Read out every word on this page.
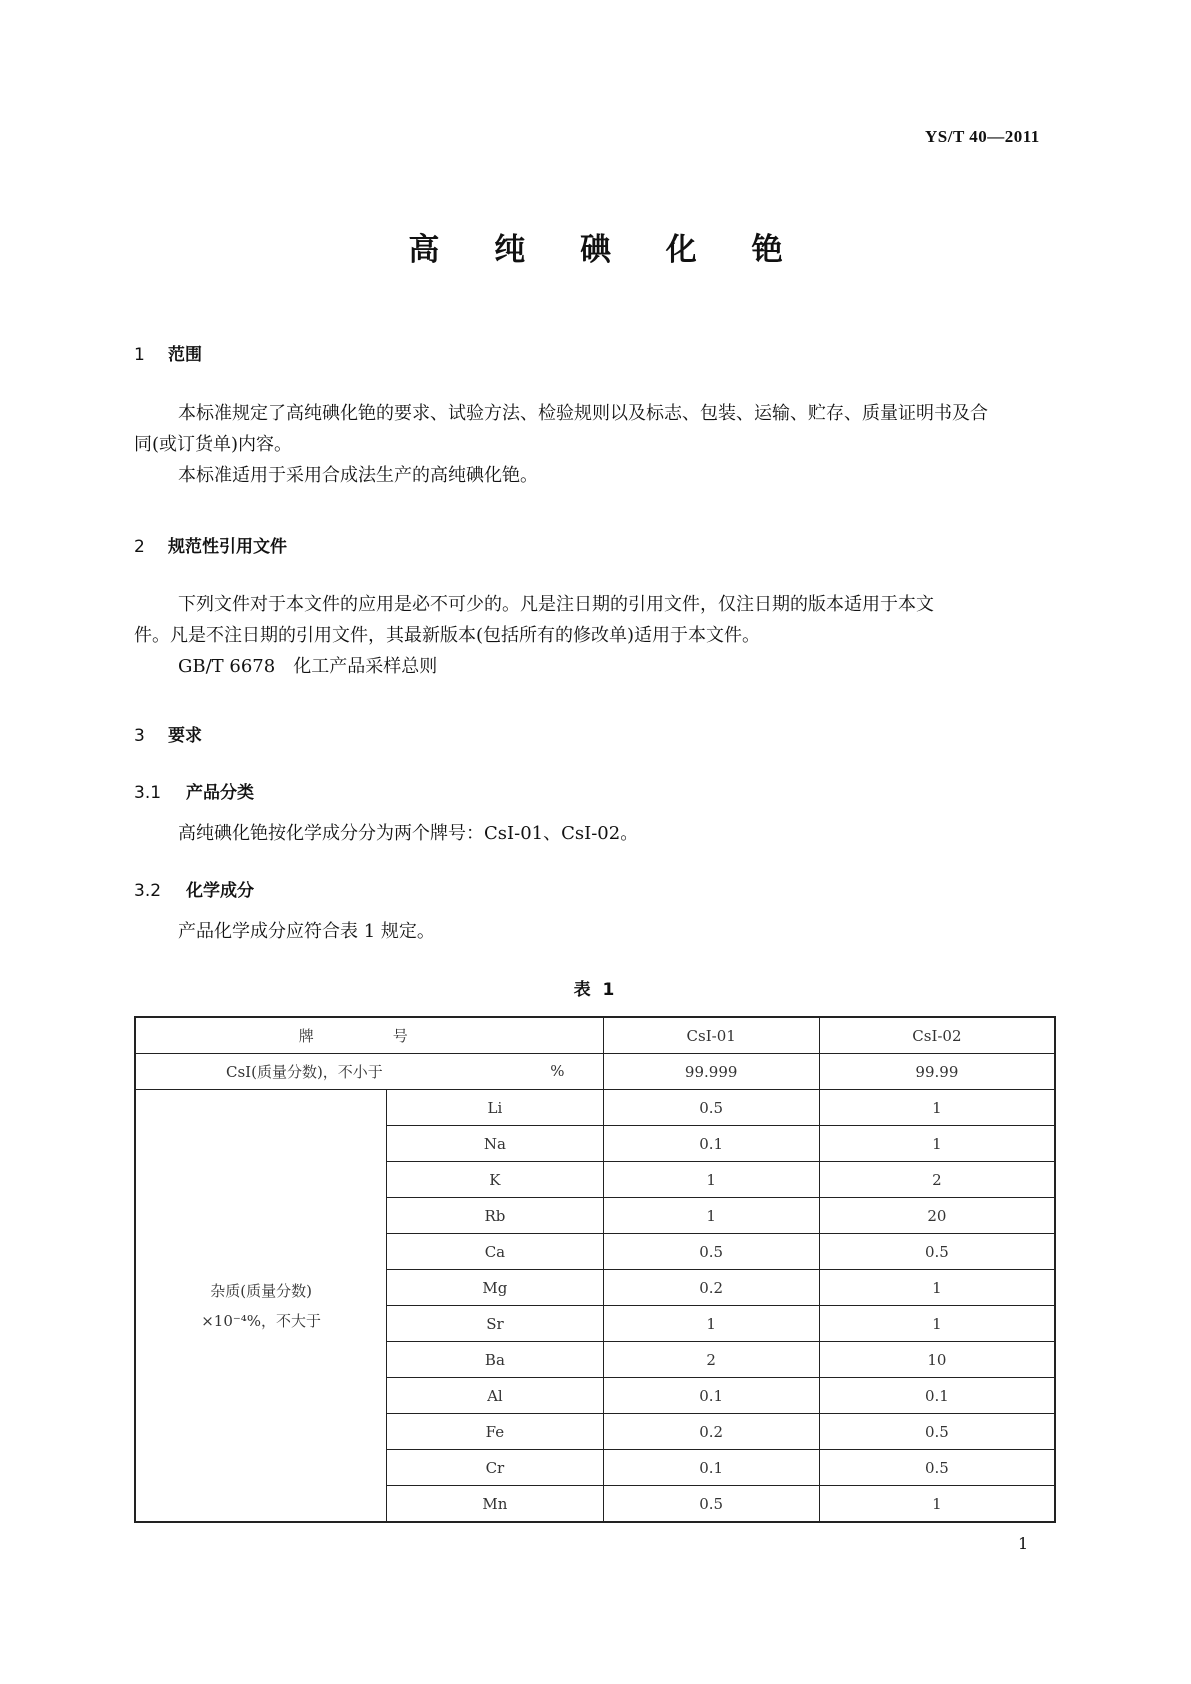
YS/T 40—2011
高 纯 碘 化 铯
1 范围

本标准规定了高纯碘化铯的要求、试验方法、检验规则以及标志、包装、运输、贮存、质量证明书及合

同(或订货单)内容。

本标准适用于采用合成法生产的高纯碘化铯。

2 规范性引用文件

下列文件对于本文件的应用是必不可少的。凡是注日期的引用文件，仅注日期的版本适用于本文

件。凡是不注日期的引用文件，其最新版本(包括所有的修改单)适用于本文件。

GB/T 6678  化工产品采样总则

3 要求
3.1 产品分类

高纯碘化铯按化学成分分为两个牌号：CsI-01、CsI-02。

3.2 化学成分

产品化学成分应符合表 1 规定。

表 1
牌　号		CsI-01	CsI-02
CsI(质量分数)，不小于 %		99.999	99.99

杂质(质量分数)
×10⁻⁴%，不大于	Li	0.5	1
	Na	0.1	1
	K	1	2
	Rb	1	20
	Ca	0.5	0.5
	Mg	0.2	1
	Sr	1	1
	Ba	2	10
	Al	0.1	0.1
	Fe	0.2	0.5
	Cr	0.1	0.5
	Mn	0.5	1
1
